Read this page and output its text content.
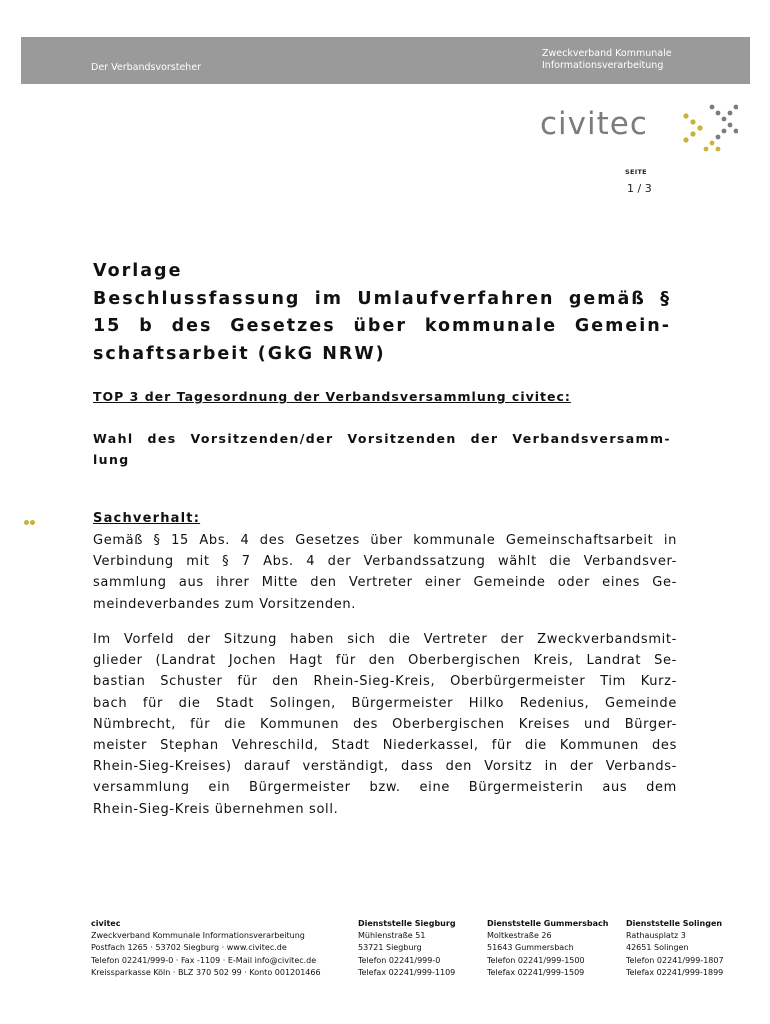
Der Verbandsvorsteher
Zweckverband Kommunale
Informationsverarbeitung
civitec
SEITE
1 / 3
Vorlage
Beschlussfassung im Umlaufverfahren gemäß §
15 b des Gesetzes über kommunale Gemein-
schaftsarbeit (GkG NRW)
TOP 3 der Tagesordnung der Verbandsversammlung civitec:
Wahl des Vorsitzenden/der Vorsitzenden der Verbandsversamm-
lung
Sachverhalt:
Gemäß § 15 Abs. 4 des Gesetzes über kommunale Gemeinschaftsarbeit in
Verbindung mit § 7 Abs. 4 der Verbandssatzung wählt die Verbandsver-
sammlung aus ihrer Mitte den Vertreter einer Gemeinde oder eines Ge-
meindeverbandes zum Vorsitzenden.
Im Vorfeld der Sitzung haben sich die Vertreter der Zweckverbandsmit-
glieder (Landrat Jochen Hagt für den Oberbergischen Kreis, Landrat Se-
bastian Schuster für den Rhein-Sieg-Kreis, Oberbürgermeister Tim Kurz-
bach für die Stadt Solingen, Bürgermeister Hilko Redenius, Gemeinde
Nümbrecht, für die Kommunen des Oberbergischen Kreises und Bürger-
meister Stephan Vehreschild, Stadt Niederkassel, für die Kommunen des
Rhein-Sieg-Kreises) darauf verständigt, dass den Vorsitz in der Verbands-
versammlung ein Bürgermeister bzw. eine Bürgermeisterin aus dem
Rhein-Sieg-Kreis übernehmen soll.
civitec
Zweckverband Kommunale Informationsverarbeitung
Postfach 1265 · 53702 Siegburg · www.civitec.de
Telefon 02241/999-0 · Fax -1109 · E-Mail info@civitec.de
Kreissparkasse Köln · BLZ 370 502 99 · Konto 001201466
Dienststelle Siegburg
Mühlenstraße 51
53721 Siegburg
Telefon 02241/999-0
Telefax 02241/999-1109
Dienststelle Gummersbach
Moltkestraße 26
51643 Gummersbach
Telefon 02241/999-1500
Telefax 02241/999-1509
Dienststelle Solingen
Rathausplatz 3
42651 Solingen
Telefon 02241/999-1807
Telefax 02241/999-1899
